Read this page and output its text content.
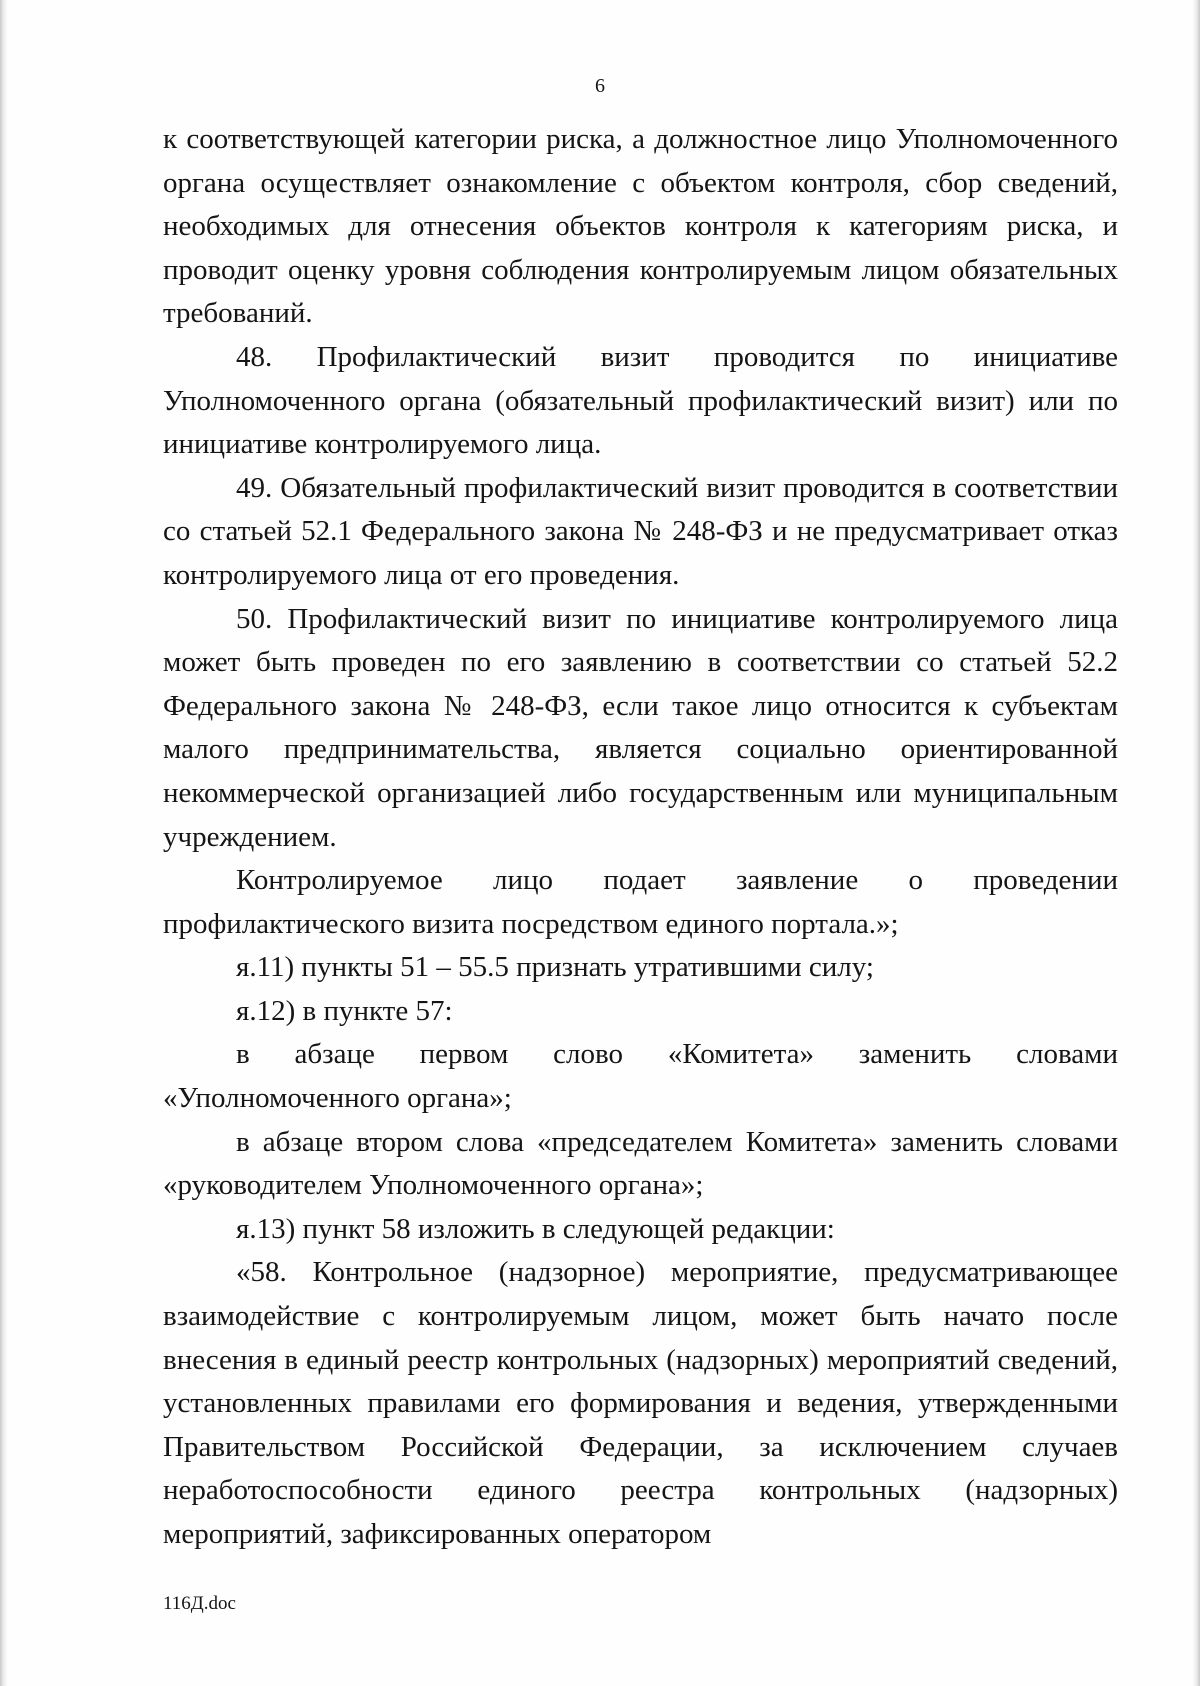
6

к соответствующей категории риска, а должностное лицо Уполномоченного органа осуществляет ознакомление с объектом контроля, сбор сведений, необходимых для отнесения объектов контроля к категориям риска, и проводит оценку уровня соблюдения контролируемым лицом обязательных требований.

48. Профилактический визит проводится по инициативе Уполномоченного органа (обязательный профилактический визит) или по инициативе контролируемого лица.

49. Обязательный профилактический визит проводится в соответствии со статьей 52.1 Федерального закона № 248-ФЗ и не предусматривает отказ контролируемого лица от его проведения.

50. Профилактический визит по инициативе контролируемого лица может быть проведен по его заявлению в соответствии со статьей 52.2 Федерального закона № 248-ФЗ, если такое лицо относится к субъектам малого предпринимательства, является социально ориентированной некоммерческой организацией либо государственным или муниципальным учреждением.

Контролируемое лицо подает заявление о проведении профилактического визита посредством единого портала.»;

я.11) пункты 51 – 55.5 признать утратившими силу;

я.12) в пункте 57:

в абзаце первом слово «Комитета» заменить словами «Уполномоченного органа»;

в абзаце втором слова «председателем Комитета» заменить словами «руководителем Уполномоченного органа»;

я.13) пункт 58 изложить в следующей редакции:

«58. Контрольное (надзорное) мероприятие, предусматривающее взаимодействие с контролируемым лицом, может быть начато после внесения в единый реестр контрольных (надзорных) мероприятий сведений, установленных правилами его формирования и ведения, утвержденными Правительством Российской Федерации, за исключением случаев неработоспособности единого реестра контрольных (надзорных) мероприятий, зафиксированных оператором

116Д.doc
